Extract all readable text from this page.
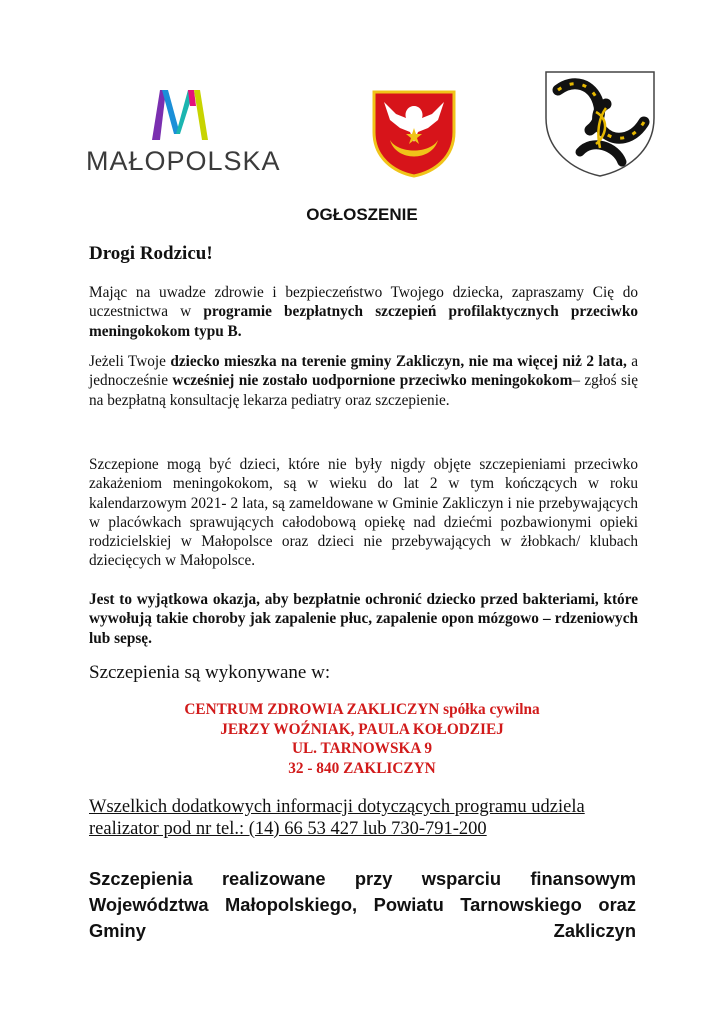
MAŁOPOLSKA
OGŁOSZENIE
Drogi Rodzicu!

Mając na uwadze zdrowie i bezpieczeństwo Twojego dziecka, zapraszamy Cię do uczestnictwa w programie bezpłatnych szczepień profilaktycznych przeciwko meningokokom typu B.

Jeżeli Twoje dziecko mieszka na terenie gminy Zakliczyn, nie ma więcej niż 2 lata, a jednocześnie wcześniej nie zostało uodpornione przeciwko meningokokom– zgłoś się na bezpłatną konsultację lekarza pediatry oraz szczepienie.

Szczepione mogą być dzieci, które nie były nigdy objęte szczepieniami przeciwko zakażeniom meningokokom, są w wieku do lat 2 w tym kończących w roku kalendarzowym 2021- 2 lata, są zameldowane w Gminie Zakliczyn i nie przebywających w placówkach sprawujących całodobową opiekę nad dziećmi pozbawionymi opieki rodzicielskiej w Małopolsce oraz dzieci nie przebywających w żłobkach/ klubach dziecięcych w Małopolsce.

Jest to wyjątkowa okazja, aby bezpłatnie ochronić dziecko przed bakteriami, które wywołują takie choroby jak zapalenie płuc, zapalenie opon mózgowo – rdzeniowych lub sepsę.

Szczepienia są wykonywane w:
CENTRUM ZDROWIA ZAKLICZYN spółka cywilna
JERZY WOŹNIAK, PAULA KOŁODZIEJ
UL. TARNOWSKA 9
32 - 840 ZAKLICZYN
Wszelkich dodatkowych informacji dotyczących programu udziela realizator pod nr tel.: (14) 66 53 427 lub 730-791-200
Szczepienia realizowane przy wsparciu finansowym Województwa Małopolskiego, Powiatu Tarnowskiego oraz Gminy Zakliczyn
